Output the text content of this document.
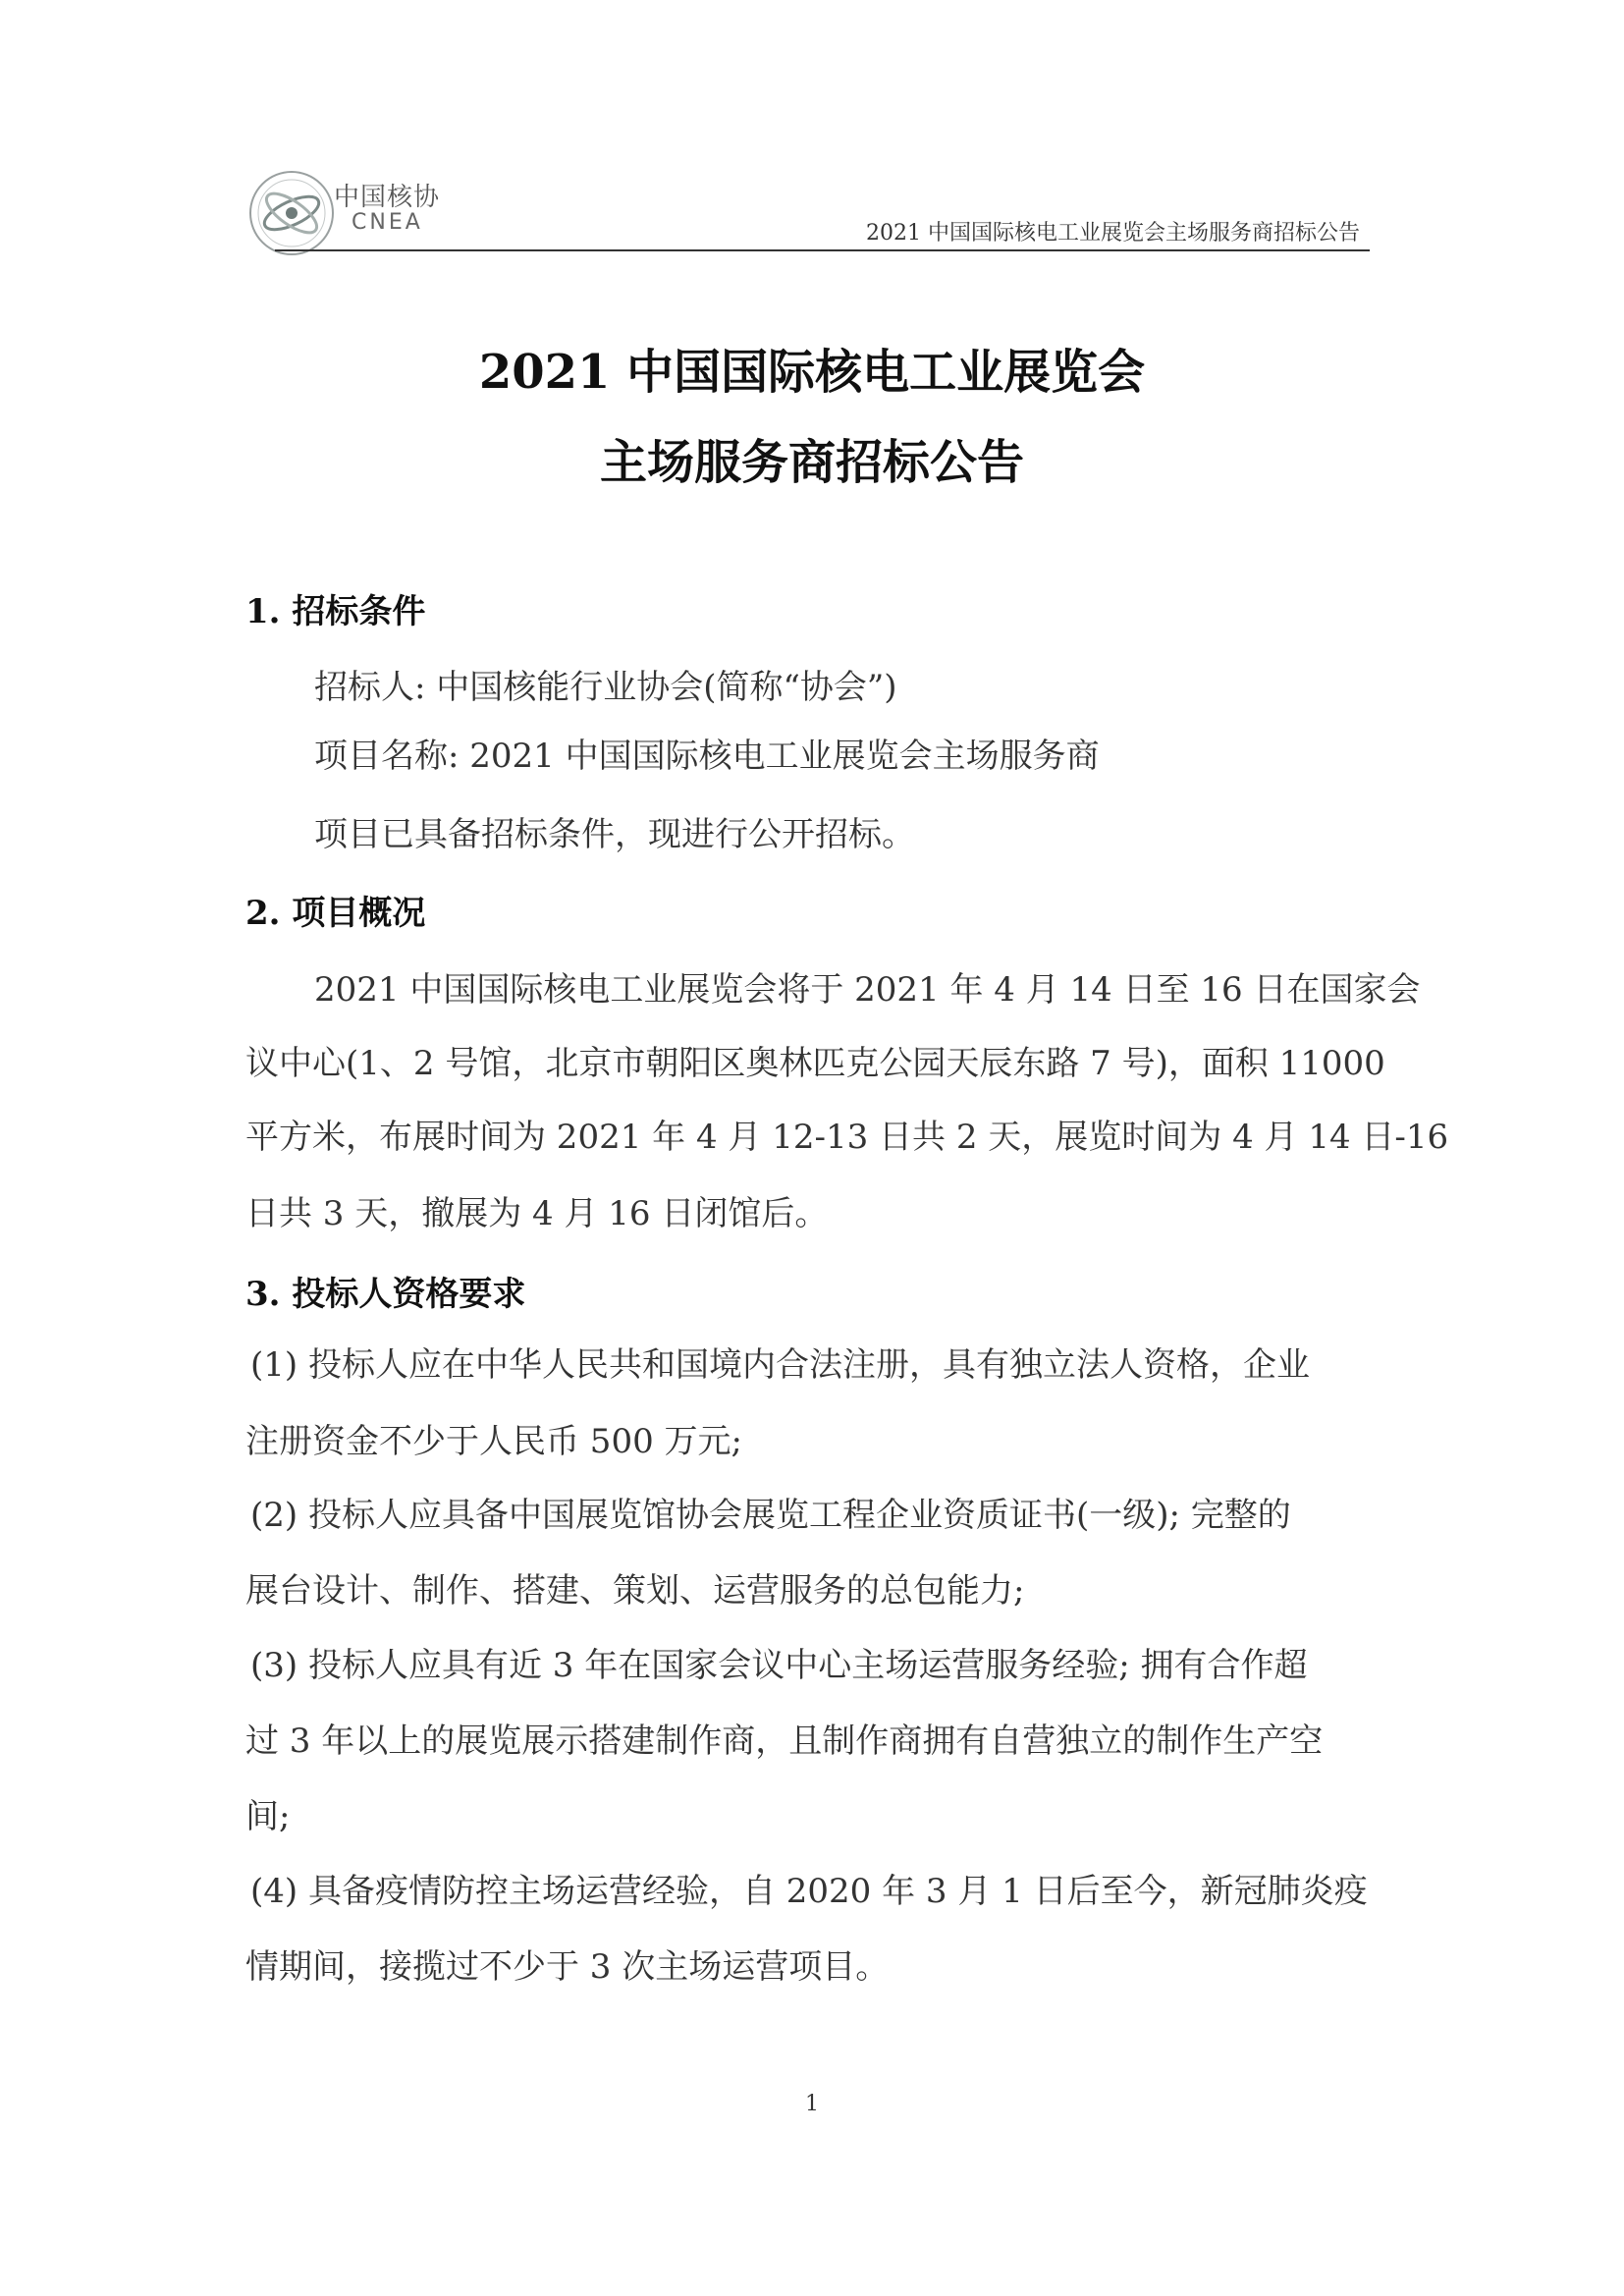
中国核协
CNEA	2021 中国国际核电工业展览会主场服务商招标公告
2021 中国国际核电工业展览会
主场服务商招标公告
1. 招标条件
招标人: 中国核能行业协会(简称“协会”)
项目名称: 2021 中国国际核电工业展览会主场服务商
项目已具备招标条件，现进行公开招标。
2. 项目概况
2021 中国国际核电工业展览会将于 2021 年 4 月 14 日至 16 日在国家会
议中心(1、2 号馆，北京市朝阳区奥林匹克公园天辰东路 7 号)，面积 11000
平方米，布展时间为 2021 年 4 月 12-13 日共 2 天，展览时间为 4 月 14 日-16
日共 3 天，撤展为 4 月 16 日闭馆后。
3. 投标人资格要求
(1) 投标人应在中华人民共和国境内合法注册，具有独立法人资格，企业
注册资金不少于人民币 500 万元;
(2) 投标人应具备中国展览馆协会展览工程企业资质证书(一级); 完整的
展台设计、制作、搭建、策划、运营服务的总包能力;
(3) 投标人应具有近 3 年在国家会议中心主场运营服务经验; 拥有合作超
过 3 年以上的展览展示搭建制作商，且制作商拥有自营独立的制作生产空
间;
(4) 具备疫情防控主场运营经验，自 2020 年 3 月 1 日后至今，新冠肺炎疫
情期间，接揽过不少于 3 次主场运营项目。
1
